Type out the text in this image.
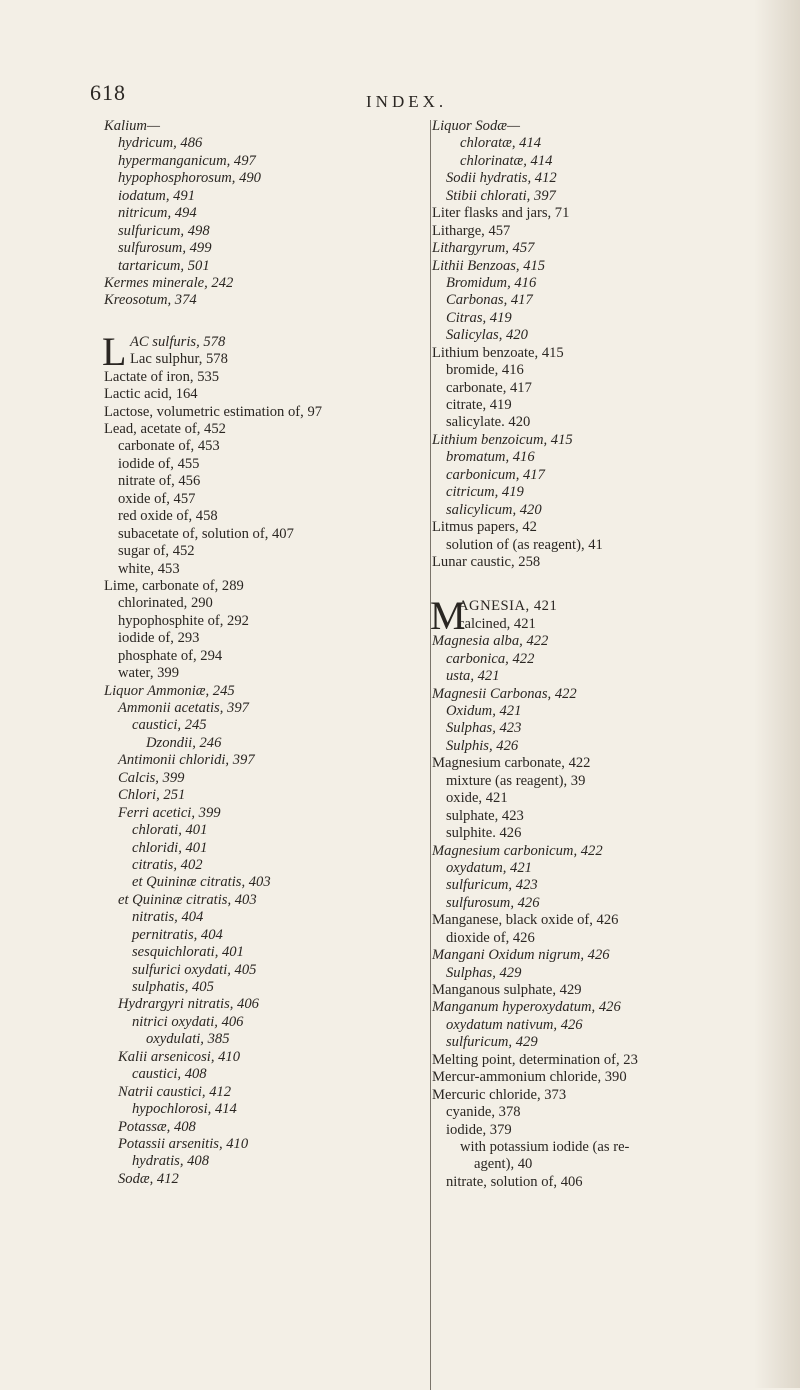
618	INDEX.
Kalium—
hydricum, 486
hypermanganicum, 497
hypophosphorosum, 490
iodatum, 491
nitricum, 494
sulfuricum, 498
sulfurosum, 499
tartaricum, 501
Kermes minerale, 242
Kreosotum, 374
L AC sulfuris, 578
Lac sulphur, 578
Lactate of iron, 535
Lactic acid, 164
Lactose, volumetric estimation of, 97
Lead, acetate of, 452
carbonate of, 453
iodide of, 455
nitrate of, 456
oxide of, 457
red oxide of, 458
subacetate of, solution of, 407
sugar of, 452
white, 453
Lime, carbonate of, 289
chlorinated, 290
hypophosphite of, 292
iodide of, 293
phosphate of, 294
water, 399
Liquor Ammoniæ, 245
Ammonii acetatis, 397
caustici, 245
Dzondii, 246
Antimonii chloridi, 397
Calcis, 399
Chlori, 251
Ferri acetici, 399
chlorati, 401
chloridi, 401
citratis, 402
et Quininæ citratis, 403
et Quininæ citratis, 403
nitratis, 404
pernitratis, 404
sesquichlorati, 401
sulfurici oxydati, 405
sulphatis, 405
Hydrargyri nitratis, 406
nitrici oxydati, 406
oxydulati, 385
Kalii arsenicosi, 410
caustici, 408
Natrii caustici, 412
hypochlorosi, 414
Potassæ, 408
Potassii arsenitis, 410
hydratis, 408
Sodæ, 412
Liquor Sodæ—
chloratæ, 414
chlorinatæ, 414
Sodii hydratis, 412
Stibii chlorati, 397
Liter flasks and jars, 71
Litharge, 457
Lithargyrum, 457
Lithii Benzoas, 415
Bromidum, 416
Carbonas, 417
Citras, 419
Salicylas, 420
Lithium benzoate, 415
bromide, 416
carbonate, 417
citrate, 419
salicylate. 420
Lithium benzoicum, 415
bromatum, 416
carbonicum, 417
citricum, 419
salicylicum, 420
Litmus papers, 42
solution of (as reagent), 41
Lunar caustic, 258
M
AGNESIA, 421
calcined, 421
Magnesia alba, 422
carbonica, 422
usta, 421
Magnesii Carbonas, 422
Oxidum, 421
Sulphas, 423
Sulphis, 426
Magnesium carbonate, 422
mixture (as reagent), 39
oxide, 421
sulphate, 423
sulphite. 426
Magnesium carbonicum, 422
oxydatum, 421
sulfuricum, 423
sulfurosum, 426
Manganese, black oxide of, 426
dioxide of, 426
Mangani Oxidum nigrum, 426
Sulphas, 429
Manganous sulphate, 429
Manganum hyperoxydatum, 426
oxydatum nativum, 426
sulfuricum, 429
Melting point, determination of, 23
Mercur-ammonium chloride, 390
Mercuric chloride, 373
cyanide, 378
iodide, 379
with potassium iodide (as re-
agent), 40
nitrate, solution of, 406
